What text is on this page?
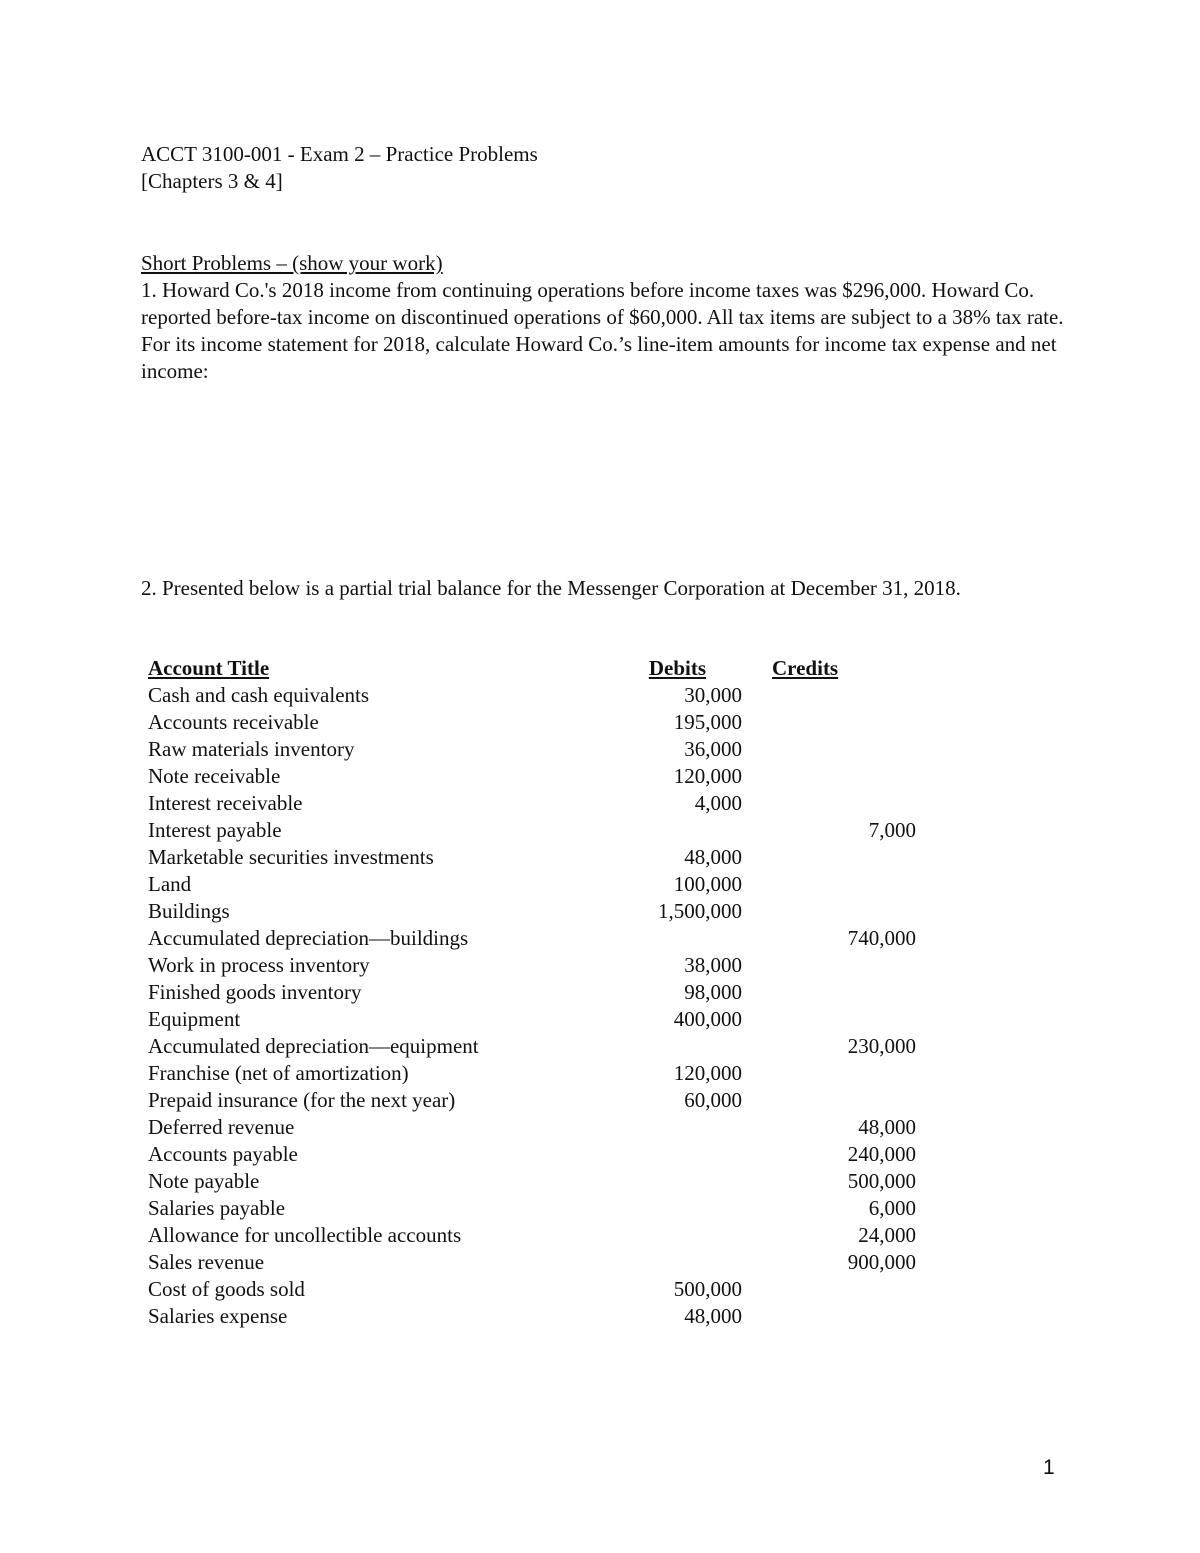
ACCT 3100-001 - Exam 2 – Practice Problems
[Chapters 3 & 4]
Short Problems – (show your work)
1. Howard Co.'s 2018 income from continuing operations before income taxes was $296,000. Howard Co. reported before-tax income on discontinued operations of $60,000. All tax items are subject to a 38% tax rate. For its income statement for 2018, calculate Howard Co.’s line-item amounts for income tax expense and net income:
2. Presented below is a partial trial balance for the Messenger Corporation at December 31, 2018.
Account Title	Debits	Credits
Cash and cash equivalents	30,000	
Accounts receivable	195,000	
Raw materials inventory	36,000	
Note receivable	120,000	
Interest receivable	4,000	
Interest payable		7,000
Marketable securities investments	48,000	
Land	100,000	
Buildings	1,500,000	
Accumulated depreciation—buildings		740,000
Work in process inventory	38,000	
Finished goods inventory	98,000	
Equipment	400,000	
Accumulated depreciation—equipment		230,000
Franchise (net of amortization)	120,000	
Prepaid insurance (for the next year)	60,000	
Deferred revenue		48,000
Accounts payable		240,000
Note payable		500,000
Salaries payable		6,000
Allowance for uncollectible accounts		24,000
Sales revenue		900,000
Cost of goods sold	500,000	
Salaries expense	48,000	
1
